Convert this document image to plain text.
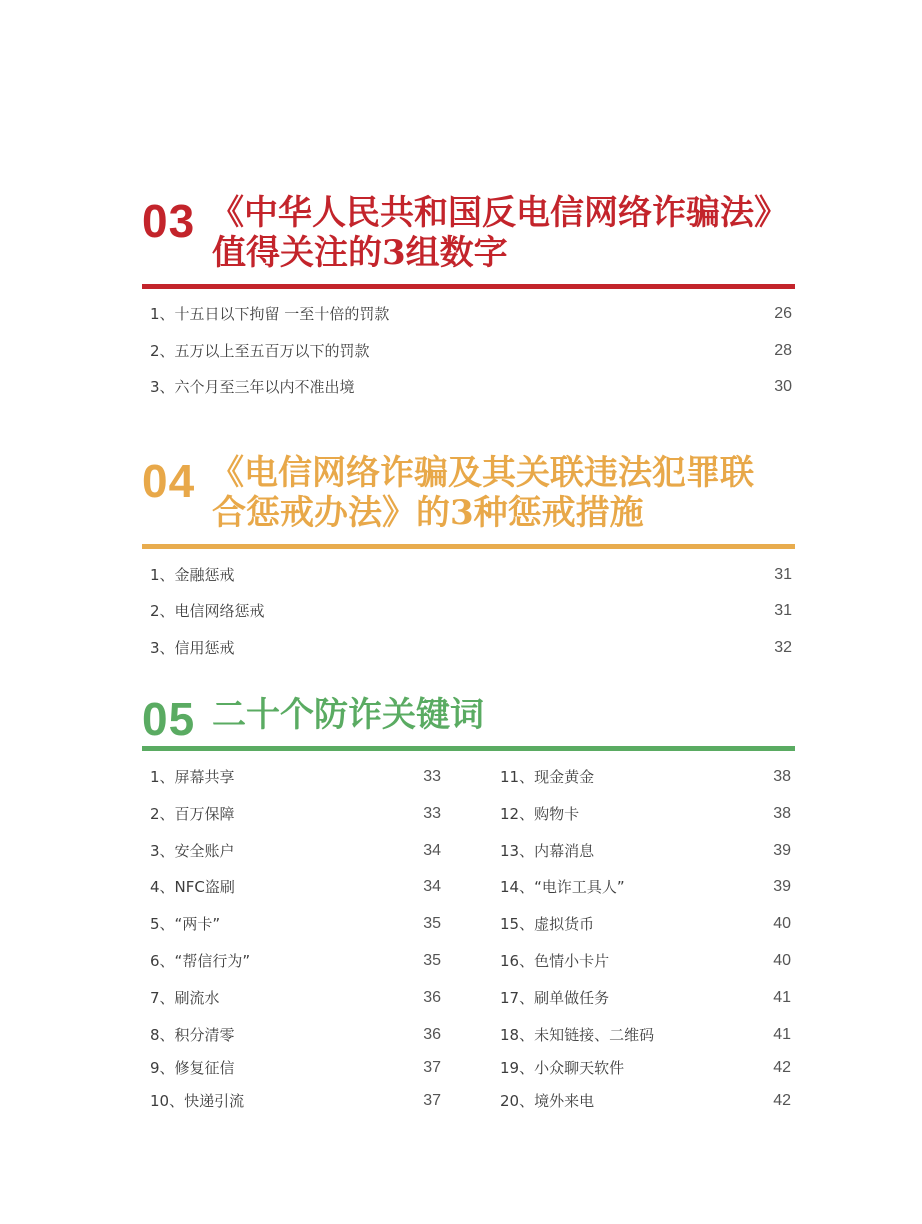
03 《中华人民共和国反电信网络诈骗法》
值得关注的3组数字
1、十五日以下拘留 一至十倍的罚款	26
2、五万以上至五百万以下的罚款	28
3、六个月至三年以内不准出境	30
04 《电信网络诈骗及其关联违法犯罪联
合惩戒办法》的3种惩戒措施
1、金融惩戒	31
2、电信网络惩戒	31
3、信用惩戒	32
05 二十个防诈关键词
1、屏幕共享	33
2、百万保障	33
3、安全账户	34
4、NFC盗刷	34
5、“两卡”	35
6、“帮信行为”	35
7、刷流水	36
8、积分清零	36
9、修复征信	37
10、快递引流	37
11、现金黄金	38
12、购物卡	38
13、内幕消息	39
14、“电诈工具人”	39
15、虚拟货币	40
16、色情小卡片	40
17、刷单做任务	41
18、未知链接、二维码	41
19、小众聊天软件	42
20、境外来电	42
